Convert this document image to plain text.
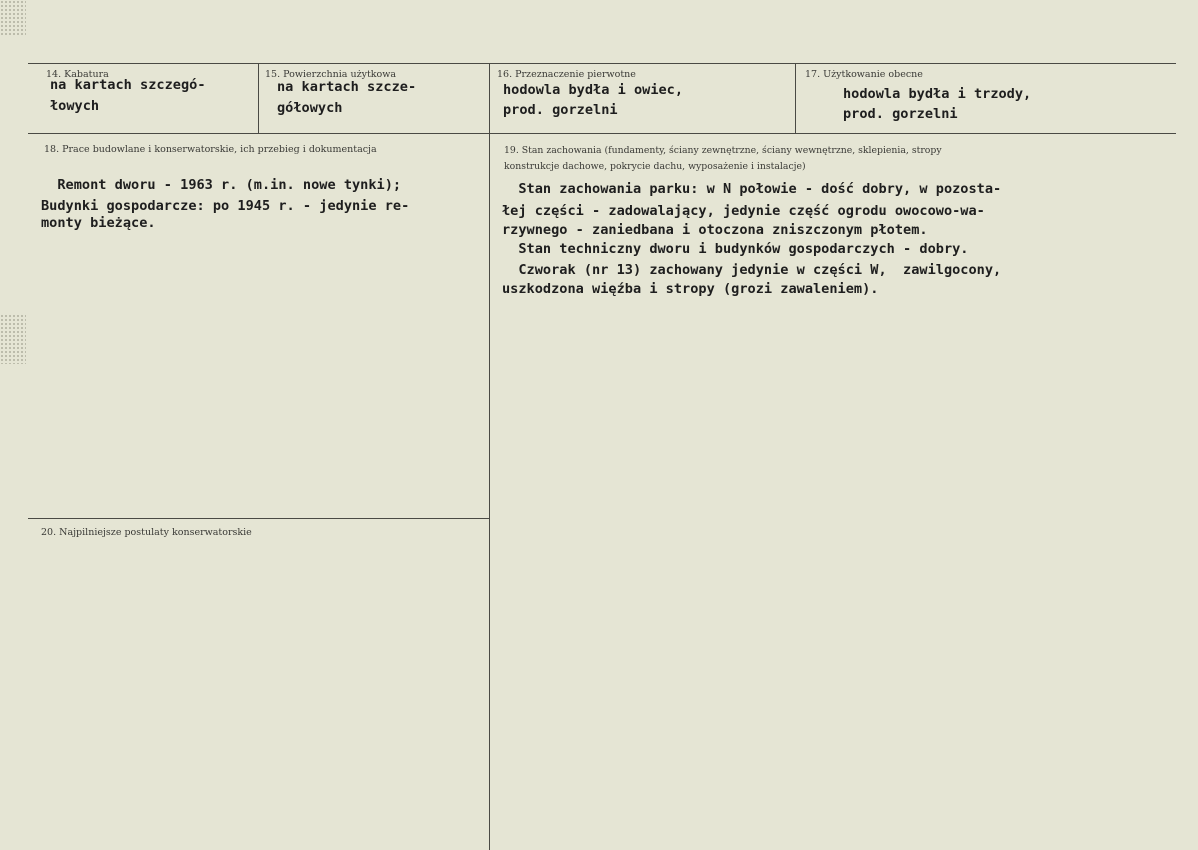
14. Kabatura
na kartach szczegó-
łowych
15. Powierzchnia użytkowa
na kartach szcze-
gółowych
16. Przeznaczenie pierwotne
hodowla bydła i owiec,
prod. gorzelni
17. Użytkowanie obecne
hodowla bydła i trzody,
prod. gorzelni
18. Prace budowlane i konserwatorskie, ich przebieg i dokumentacja
Remont dworu - 1963 r. (m.in. nowe tynki);
Budynki gospodarcze: po 1945 r. - jedynie re-
monty bieżące.
19. Stan zachowania (fundamenty, ściany zewnętrzne, ściany wewnętrzne, sklepienia, stropy
konstrukcje dachowe, pokrycie dachu, wyposażenie i instalacje)
Stan zachowania parku: w N połowie - dość dobry, w pozosta-
łej części - zadowalający, jedynie część ogrodu owocowo-wa-
rzywnego - zaniedbana i otoczona zniszczonym płotem.
Stan techniczny dworu i budynków gospodarczych - dobry.
Czworak (nr 13) zachowany jedynie w części W,  zawilgocony,
uszkodzona więźba i stropy (grozi zawaleniem).
20. Najpilniejsze postulaty konserwatorskie
